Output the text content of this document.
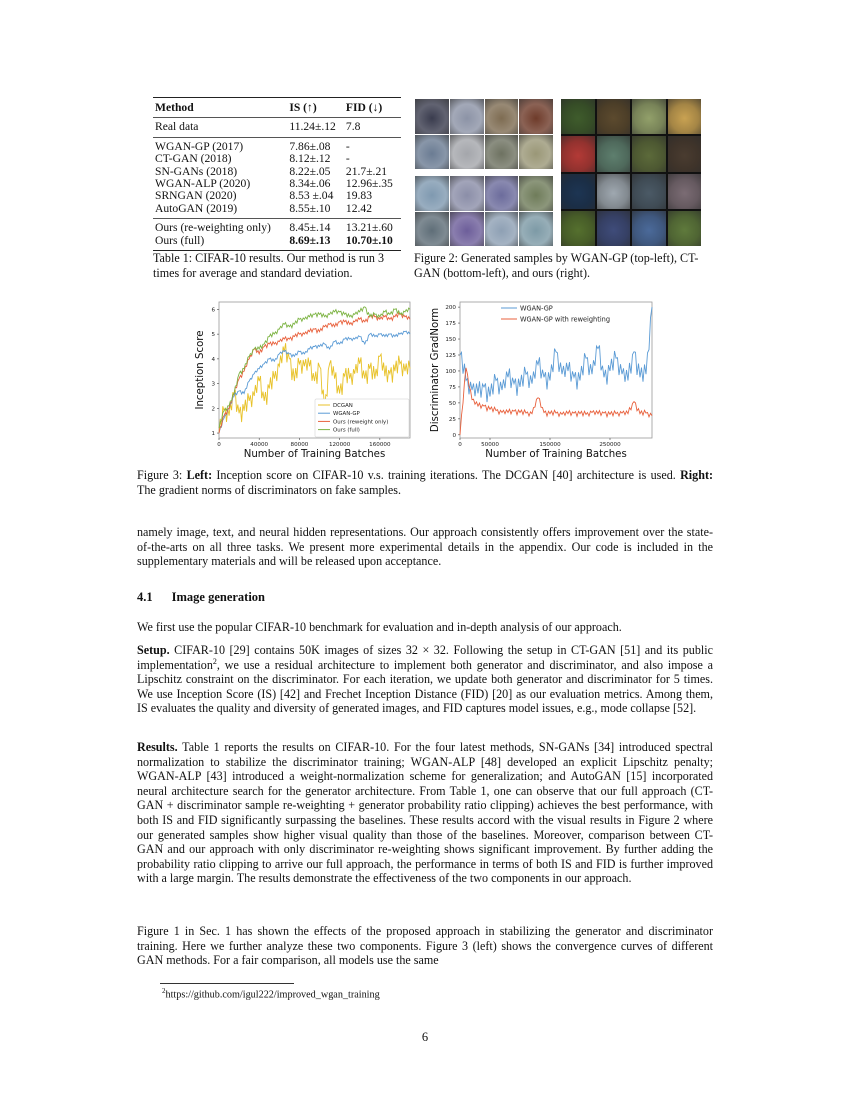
Method	IS (↑)	FID (↓)
Real data	11.24±.12	7.8
WGAN-GP (2017)	7.86±.08	-
CT-GAN (2018)	8.12±.12	-
SN-GANs (2018)	8.22±.05	21.7±.21
WGAN-ALP (2020)	8.34±.06	12.96±.35
SRNGAN (2020)	8.53 ±.04	19.83
AutoGAN (2019)	8.55±.10	12.42
Ours (re-weighting only)	8.45±.14	13.21±.60
Ours (full)	8.69±.13	10.70±.10
Table 1: CIFAR-10 results. Our method is run 3 times for average and standard deviation.
Figure 2: Generated samples by WGAN-GP (top-left), CT-GAN (bottom-left), and ours (right).
1
2
3
4
5
6
0	40000	80000	120000	160000
Number of Training Batches
Inception Score	DCGAN
WGAN-GP
Ours (reweight only)
Ours (full)
0
25
50
75
100
125
150
175
200
0	50000	150000	250000
Number of Training Batches
Discriminator GradNorm	WGAN-GP
WGAN-GP with reweighting
Figure 3: Left: Inception score on CIFAR-10 v.s. training iterations. The DCGAN [40] architecture is used. Right: The gradient norms of discriminators on fake samples.
namely image, text, and neural hidden representations. Our approach consistently offers improvement over the state-of-the-arts on all three tasks. We present more experimental details in the appendix. Our code is included in the supplementary materials and will be released upon acceptance.
4.1 Image generation
We first use the popular CIFAR-10 benchmark for evaluation and in-depth analysis of our approach.
Setup. CIFAR-10 [29] contains 50K images of sizes 32 × 32. Following the setup in CT-GAN [51] and its public implementation$^2$, we use a residual architecture to implement both generator and discriminator, and also impose a Lipschitz constraint on the discriminator. For each iteration, we update both generator and discriminator for 5 times. We use Inception Score (IS) [42] and Frechet Inception Distance (FID) [20] as our evaluation metrics. Among them, IS evaluates the quality and diversity of generated images, and FID captures model issues, e.g., mode collapse [52].
Results. Table 1 reports the results on CIFAR-10. For the four latest methods, SN-GANs [34] introduced spectral normalization to stabilize the discriminator training; WGAN-ALP [48] developed an explicit Lipschitz penalty; WGAN-ALP [43] introduced a weight-normalization scheme for generalization; and AutoGAN [15] incorporated neural architecture search for the generator architecture. From Table 1, one can observe that our full approach (CT-GAN + discriminator sample re-weighting + generator probability ratio clipping) achieves the best performance, with both IS and FID significantly surpassing the baselines. These results accord with the visual results in Figure 2 where our generated samples show higher visual quality than those of the baselines. Moreover, comparison between CT-GAN and our approach with only discriminator re-weighting shows significant improvement. By further adding the probability ratio clipping to arrive our full approach, the performance in terms of both IS and FID is further improved with a large margin. The results demonstrate the effectiveness of the two components in our approach.
Figure 1 in Sec. 1 has shown the effects of the proposed approach in stabilizing the generator and discriminator training. Here we further analyze these two components. Figure 3 (left) shows the convergence curves of different GAN methods. For a fair comparison, all models use the same
$^2$https://github.com/igul222/improved_wgan_training
6
